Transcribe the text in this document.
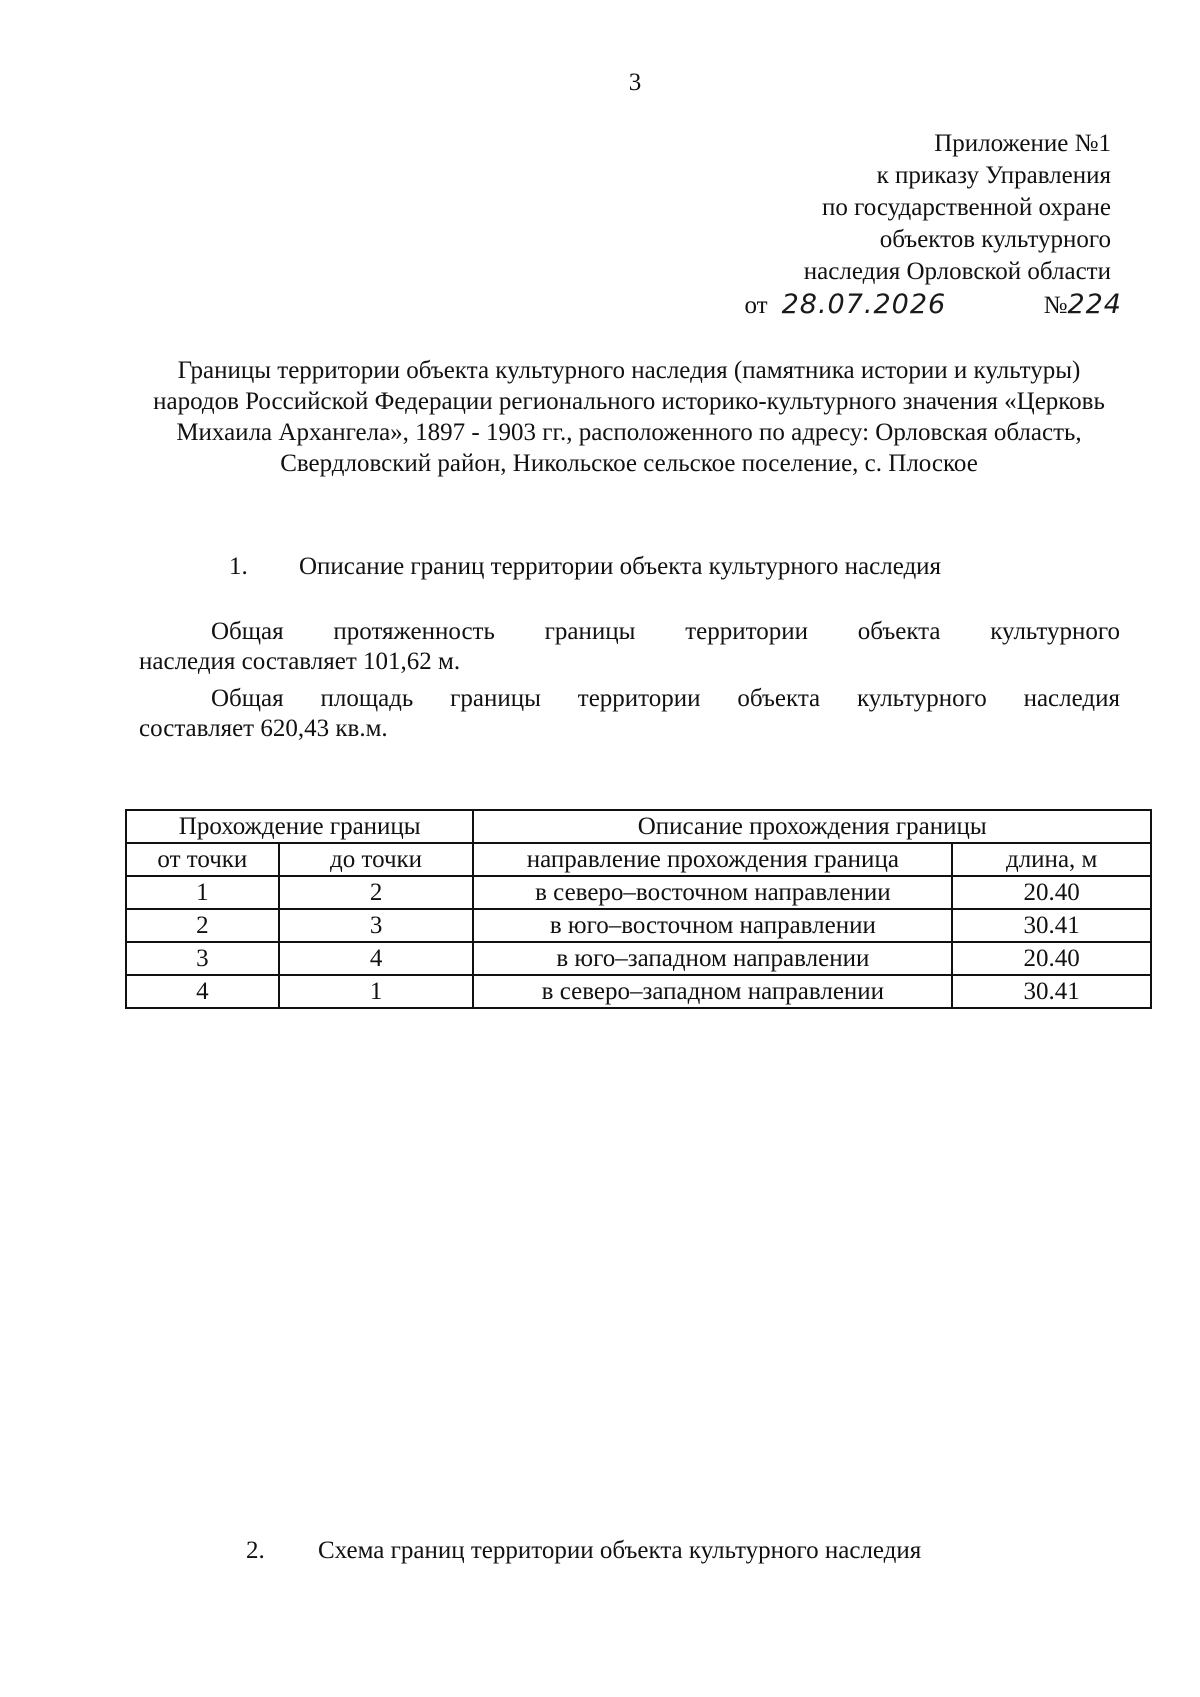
3
Приложение №1
к приказу Управления
по государственной охране
объектов культурного
наследия Орловской области
от 28.07.2026	№224
Границы территории объекта культурного наследия (памятника истории и культуры) народов Российской Федерации регионального историко-культурного значения «Церковь Михаила Архангела», 1897 - 1903 гг., расположенного по адресу: Орловская область, Свердловский район, Никольское сельское поселение, с. Плоское
1. Описание границ территории объекта культурного наследия
Общая протяженность границы территории объекта культурного
наследия составляет 101,62 м.
Общая площадь границы территории объекта культурного наследия
составляет 620,43 кв.м.
Прохождение границы		Описание прохождения границы	
от точки	до точки	направление прохождения граница	длина, м
1	2	в северо–восточном направлении	20.40
2	3	в юго–восточном направлении	30.41
3	4	в юго–западном направлении	20.40
4	1	в северо–западном направлении	30.41
2. Схема границ территории объекта культурного наследия
